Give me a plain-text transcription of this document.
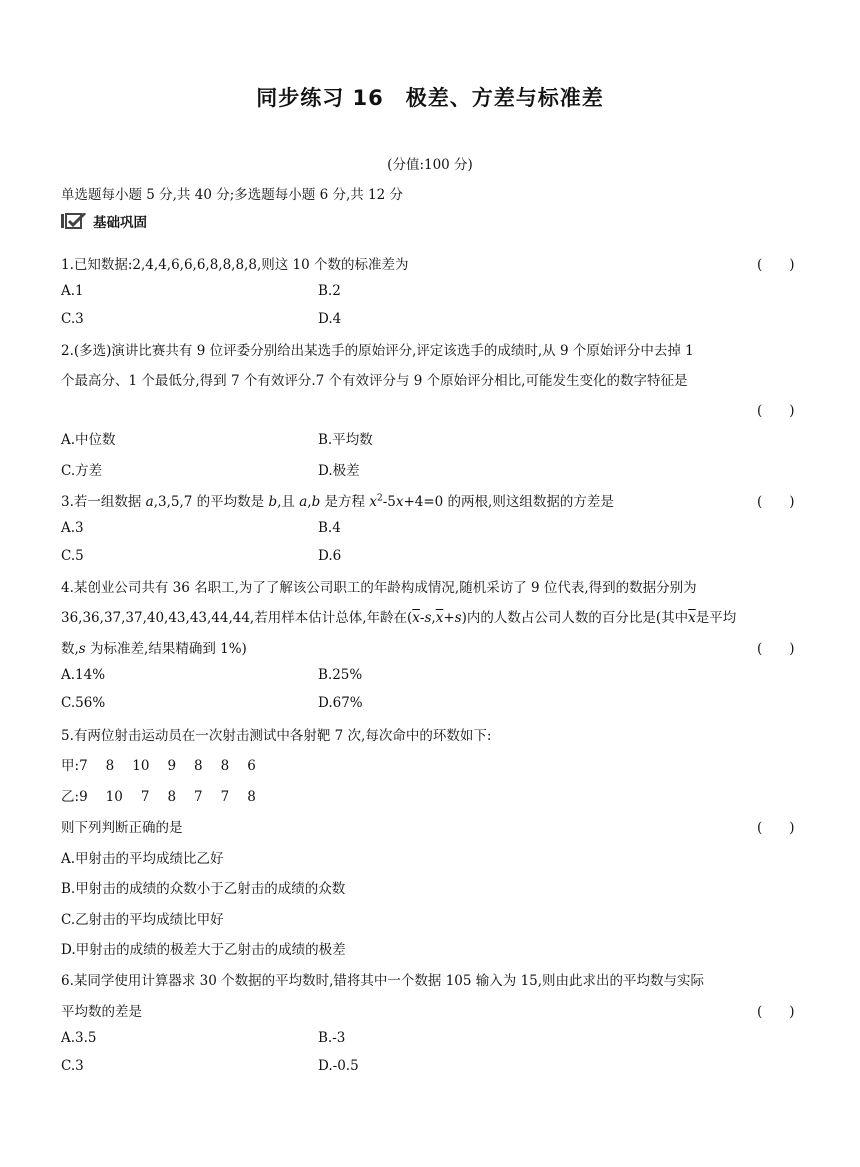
同步练习 16　极差、方差与标准差
(分值:100 分)
单选题每小题 5 分,共 40 分;多选题每小题 6 分,共 12 分
基础巩固
1.已知数据:2,4,4,6,6,6,8,8,8,8,则这 10 个数的标准差为	(　　)
A.1	B.2
C.3	D.4
2.(多选)演讲比赛共有 9 位评委分别给出某选手的原始评分,评定该选手的成绩时,从 9 个原始评分中去掉 1
个最高分、1 个最低分,得到 7 个有效评分.7 个有效评分与 9 个原始评分相比,可能发生变化的数字特征是
(　　)
A.中位数	B.平均数
C.方差	D.极差
3.若一组数据 a,3,5,7 的平均数是 b,且 a,b 是方程 $x^2-5x+4=0$ 的两根,则这组数据的方差是	(　　)
A.3	B.4
C.5	D.6
4.某创业公司共有 36 名职工,为了了解该公司职工的年龄构成情况,随机采访了 9 位代表,得到的数据分别为
36,36,37,37,40,43,43,44,44,若用样本估计总体,年龄在$(\overline{x}-s,\overline{x}+s)$内的人数占公司人数的百分比是(其中$\overline{x}$是平均
数,s 为标准差,结果精确到 1%)	(　　)
A.14%	B.25%
C.56%	D.67%
5.有两位射击运动员在一次射击测试中各射靶 7 次,每次命中的环数如下:
甲:7 8 10 9 8 8 6
乙:9 10 7 8 7 7 8
则下列判断正确的是	(　　)
A.甲射击的平均成绩比乙好
B.甲射击的成绩的众数小于乙射击的成绩的众数
C.乙射击的平均成绩比甲好
D.甲射击的成绩的极差大于乙射击的成绩的极差
6.某同学使用计算器求 30 个数据的平均数时,错将其中一个数据 105 输入为 15,则由此求出的平均数与实际
平均数的差是	(　　)
A.3.5	B.-3
C.3	D.-0.5
